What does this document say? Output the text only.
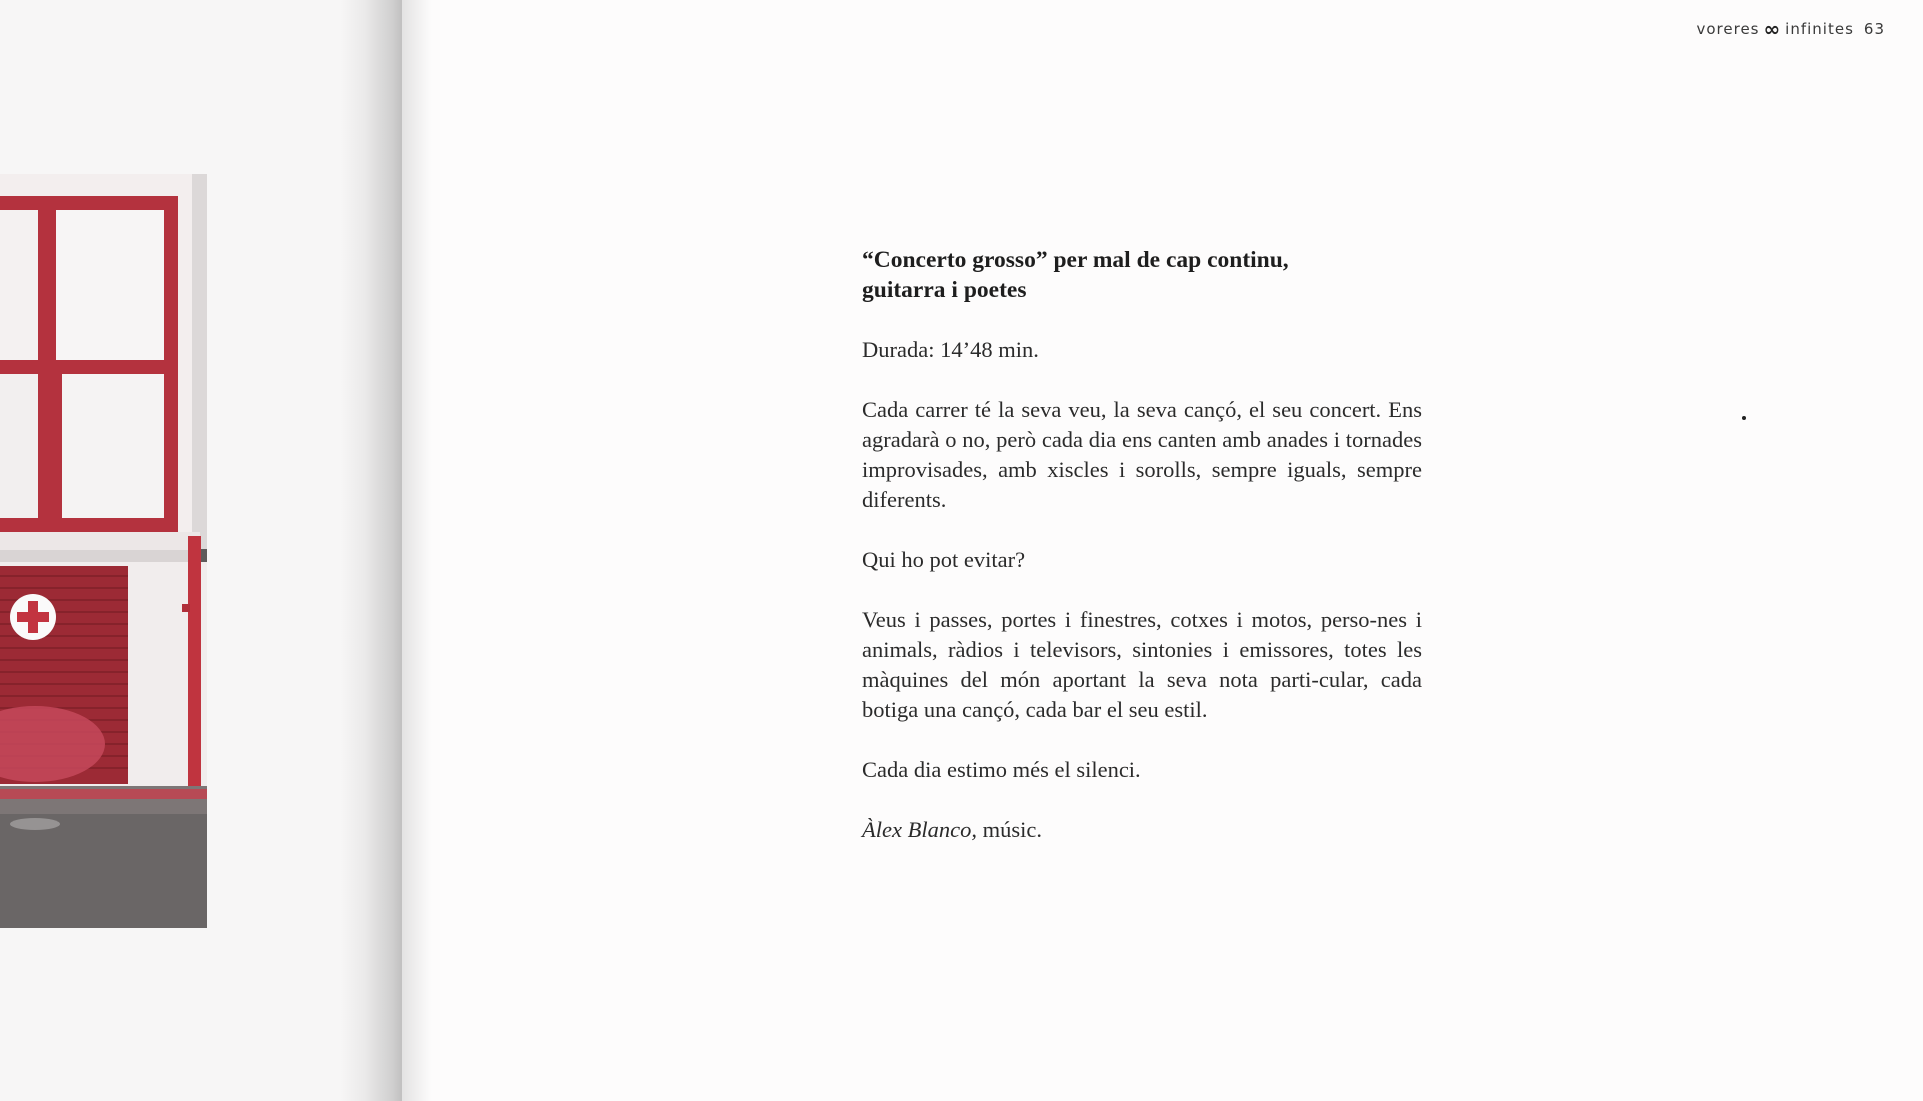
voreres ∞ infinites 63
“Concerto grosso” per mal de cap continu,
guitarra i poetes

Durada: 14’48 min.

Cada carrer té la seva veu, la seva cançó, el seu concert. Ens agradarà o no, però cada dia ens canten amb anades i tornades improvisades, amb xiscles i sorolls, sempre iguals, sempre diferents.

Qui ho pot evitar?

Veus i passes, portes i finestres, cotxes i motos, perso-nes i animals, ràdios i televisors, sintonies i emissores, totes les màquines del món aportant la seva nota parti-cular, cada botiga una cançó, cada bar el seu estil.

Cada dia estimo més el silenci.

Àlex Blanco, músic.
